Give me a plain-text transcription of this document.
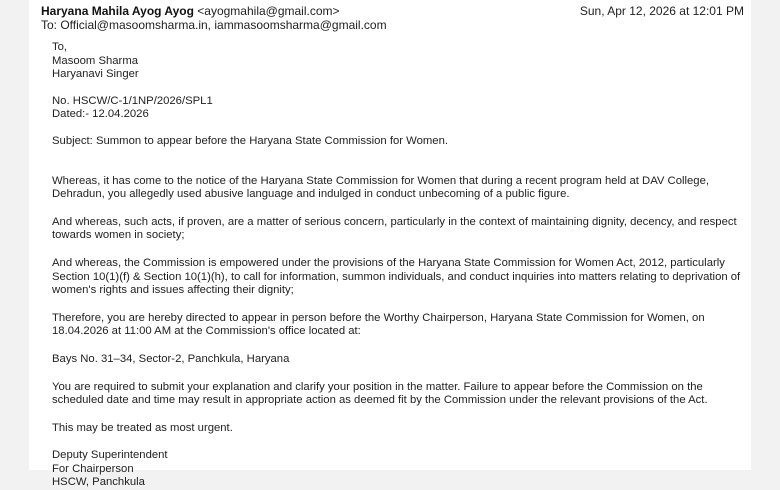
Haryana Mahila Ayog Ayog <ayogmahila@gmail.com>
To: Official@masoomsharma.in, iammasoomsharma@gmail.com
Sun, Apr 12, 2026 at 12:01 PM

To,

Masoom Sharma

Haryanavi Singer

No. HSCW/C-1/1NP/2026/SPL1

Dated:- 12.04.2026

Subject: Summon to appear before the Haryana State Commission for Women.

Whereas, it has come to the notice of the Haryana State Commission for Women that during a recent program held at DAV College, Dehradun, you allegedly used abusive language and indulged in conduct unbecoming of a public figure.

And whereas, such acts, if proven, are a matter of serious concern, particularly in the context of maintaining dignity, decency, and respect towards women in society;

And whereas, the Commission is empowered under the provisions of the Haryana State Commission for Women Act, 2012, particularly Section 10(1)(f) & Section 10(1)(h), to call for information, summon individuals, and conduct inquiries into matters relating to deprivation of women's rights and issues affecting their dignity;

Therefore, you are hereby directed to appear in person before the Worthy Chairperson, Haryana State Commission for Women, on 18.04.2026 at 11:00 AM at the Commission's office located at:

Bays No. 31–34, Sector-2, Panchkula, Haryana

You are required to submit your explanation and clarify your position in the matter. Failure to appear before the Commission on the scheduled date and time may result in appropriate action as deemed fit by the Commission under the relevant provisions of the Act.

This may be treated as most urgent.

Deputy Superintendent

For Chairperson

HSCW, Panchkula
